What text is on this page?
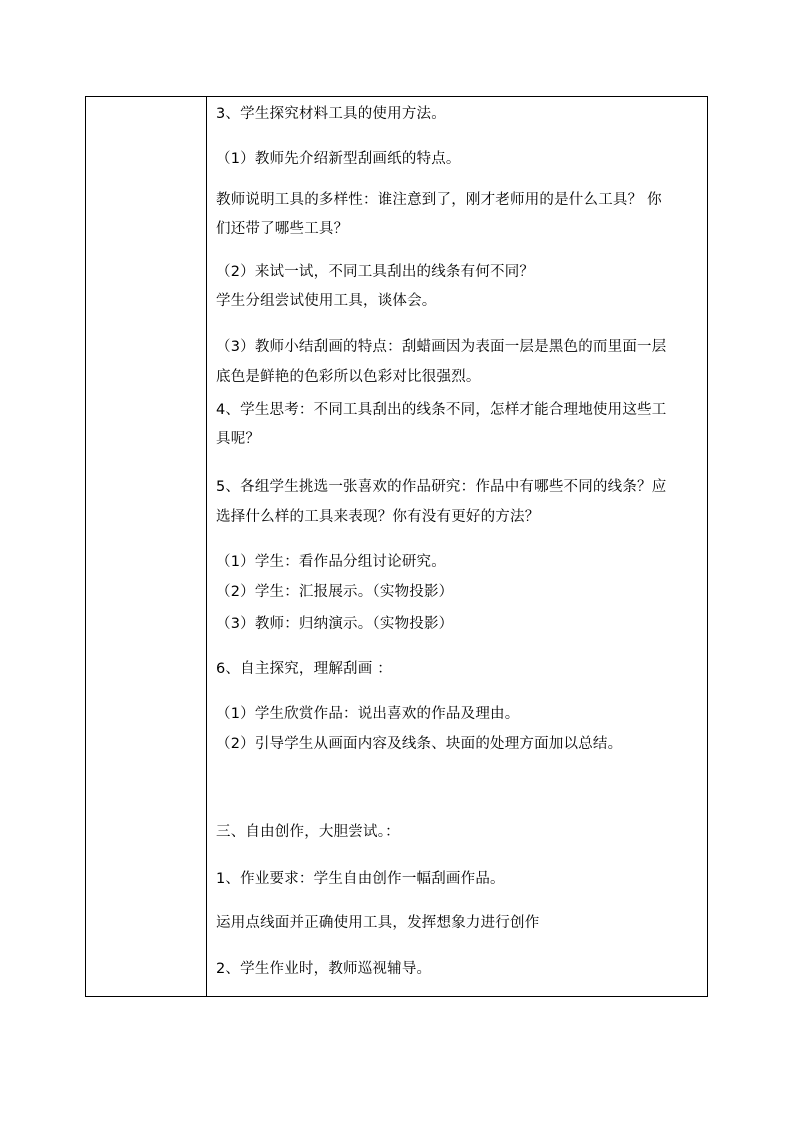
3、学生探究材料工具的使用方法。
（1）教师先介绍新型刮画纸的特点。
教师说明工具的多样性：谁注意到了，刚才老师用的是什么工具？ 你
们还带了哪些工具？
（2）来试一试，不同工具刮出的线条有何不同？
学生分组尝试使用工具，谈体会。
（3）教师小结刮画的特点：刮蜡画因为表面一层是黑色的而里面一层
底色是鲜艳的色彩所以色彩对比很强烈。
4、学生思考：不同工具刮出的线条不同，怎样才能合理地使用这些工
具呢？
5、各组学生挑选一张喜欢的作品研究：作品中有哪些不同的线条？应
选择什么样的工具来表现？你有没有更好的方法？
（1）学生：看作品分组讨论研究。
（2）学生：汇报展示。（实物投影）
（3）教师：归纳演示。（实物投影）
6、自主探究，理解刮画 ：
（1）学生欣赏作品：说出喜欢的作品及理由。
（2）引导学生从画面内容及线条、块面的处理方面加以总结。
三、自由创作，大胆尝试。：
1、作业要求：学生自由创作一幅刮画作品。
运用点线面并正确使用工具，发挥想象力进行创作
2、学生作业时，教师巡视辅导。
